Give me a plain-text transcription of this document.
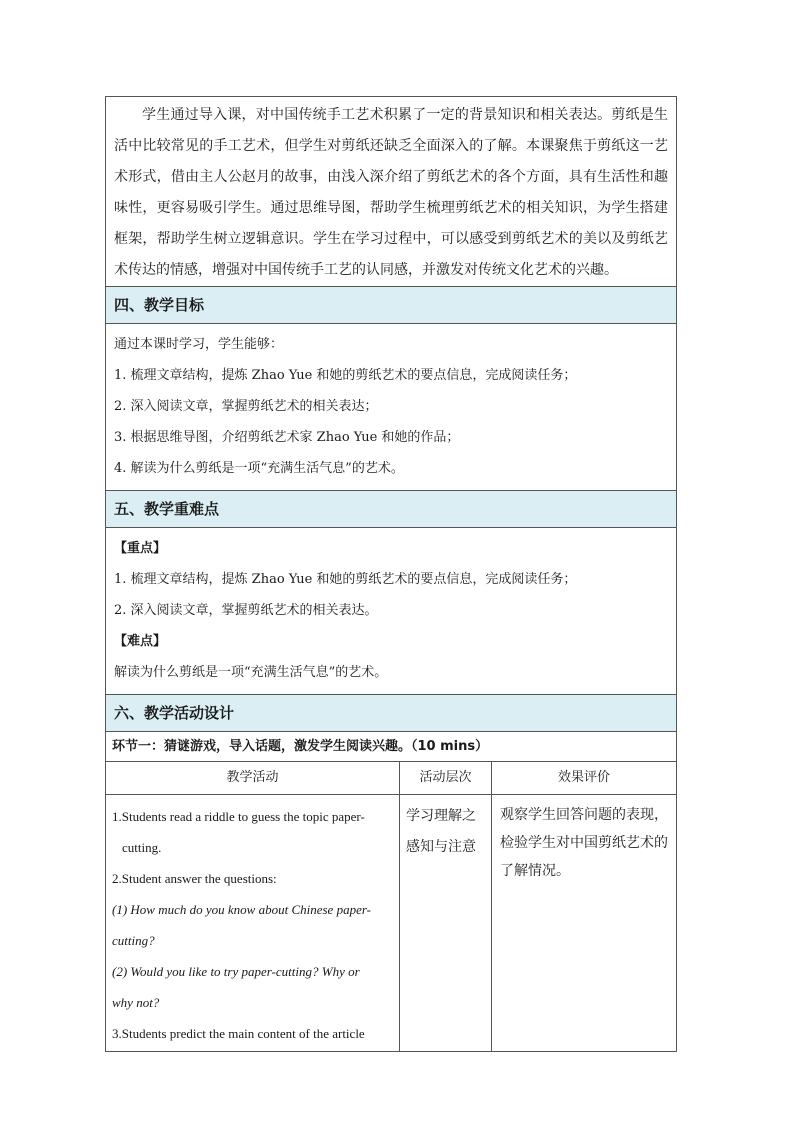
学生通过导入课，对中国传统手工艺术积累了一定的背景知识和相关表达。剪纸是生活中比较常见的手工艺术，但学生对剪纸还缺乏全面深入的了解。本课聚焦于剪纸这一艺术形式，借由主人公赵月的故事，由浅入深介绍了剪纸艺术的各个方面，具有生活性和趣味性，更容易吸引学生。通过思维导图，帮助学生梳理剪纸艺术的相关知识，为学生搭建框架，帮助学生树立逻辑意识。学生在学习过程中，可以感受到剪纸艺术的美以及剪纸艺术传达的情感，增强对中国传统手工艺的认同感，并激发对传统文化艺术的兴趣。
四、教学目标
通过本课时学习，学生能够：
1. 梳理文章结构，提炼 Zhao Yue 和她的剪纸艺术的要点信息，完成阅读任务；
2. 深入阅读文章，掌握剪纸艺术的相关表达；
3. 根据思维导图，介绍剪纸艺术家 Zhao Yue 和她的作品；
4. 解读为什么剪纸是一项“充满生活气息”的艺术。
五、教学重难点
【重点】
1. 梳理文章结构，提炼 Zhao Yue 和她的剪纸艺术的要点信息，完成阅读任务；
2. 深入阅读文章，掌握剪纸艺术的相关表达。
【难点】
解读为什么剪纸是一项“充满生活气息”的艺术。
六、教学活动设计
环节一：猜谜游戏，导入话题，激发学生阅读兴趣。（10 mins）
教学活动	活动层次	效果评价
1.Students read a riddle to guess the topic paper-
cutting.
2.Student answer the questions:
(1) How much do you know about Chinese paper-
cutting?
(2) Would you like to try paper-cutting? Why or
why not?
3.Students predict the main content of the article
学习理解之感知与注意
观察学生回答问题的表现，检验学生对中国剪纸艺术的了解情况。
